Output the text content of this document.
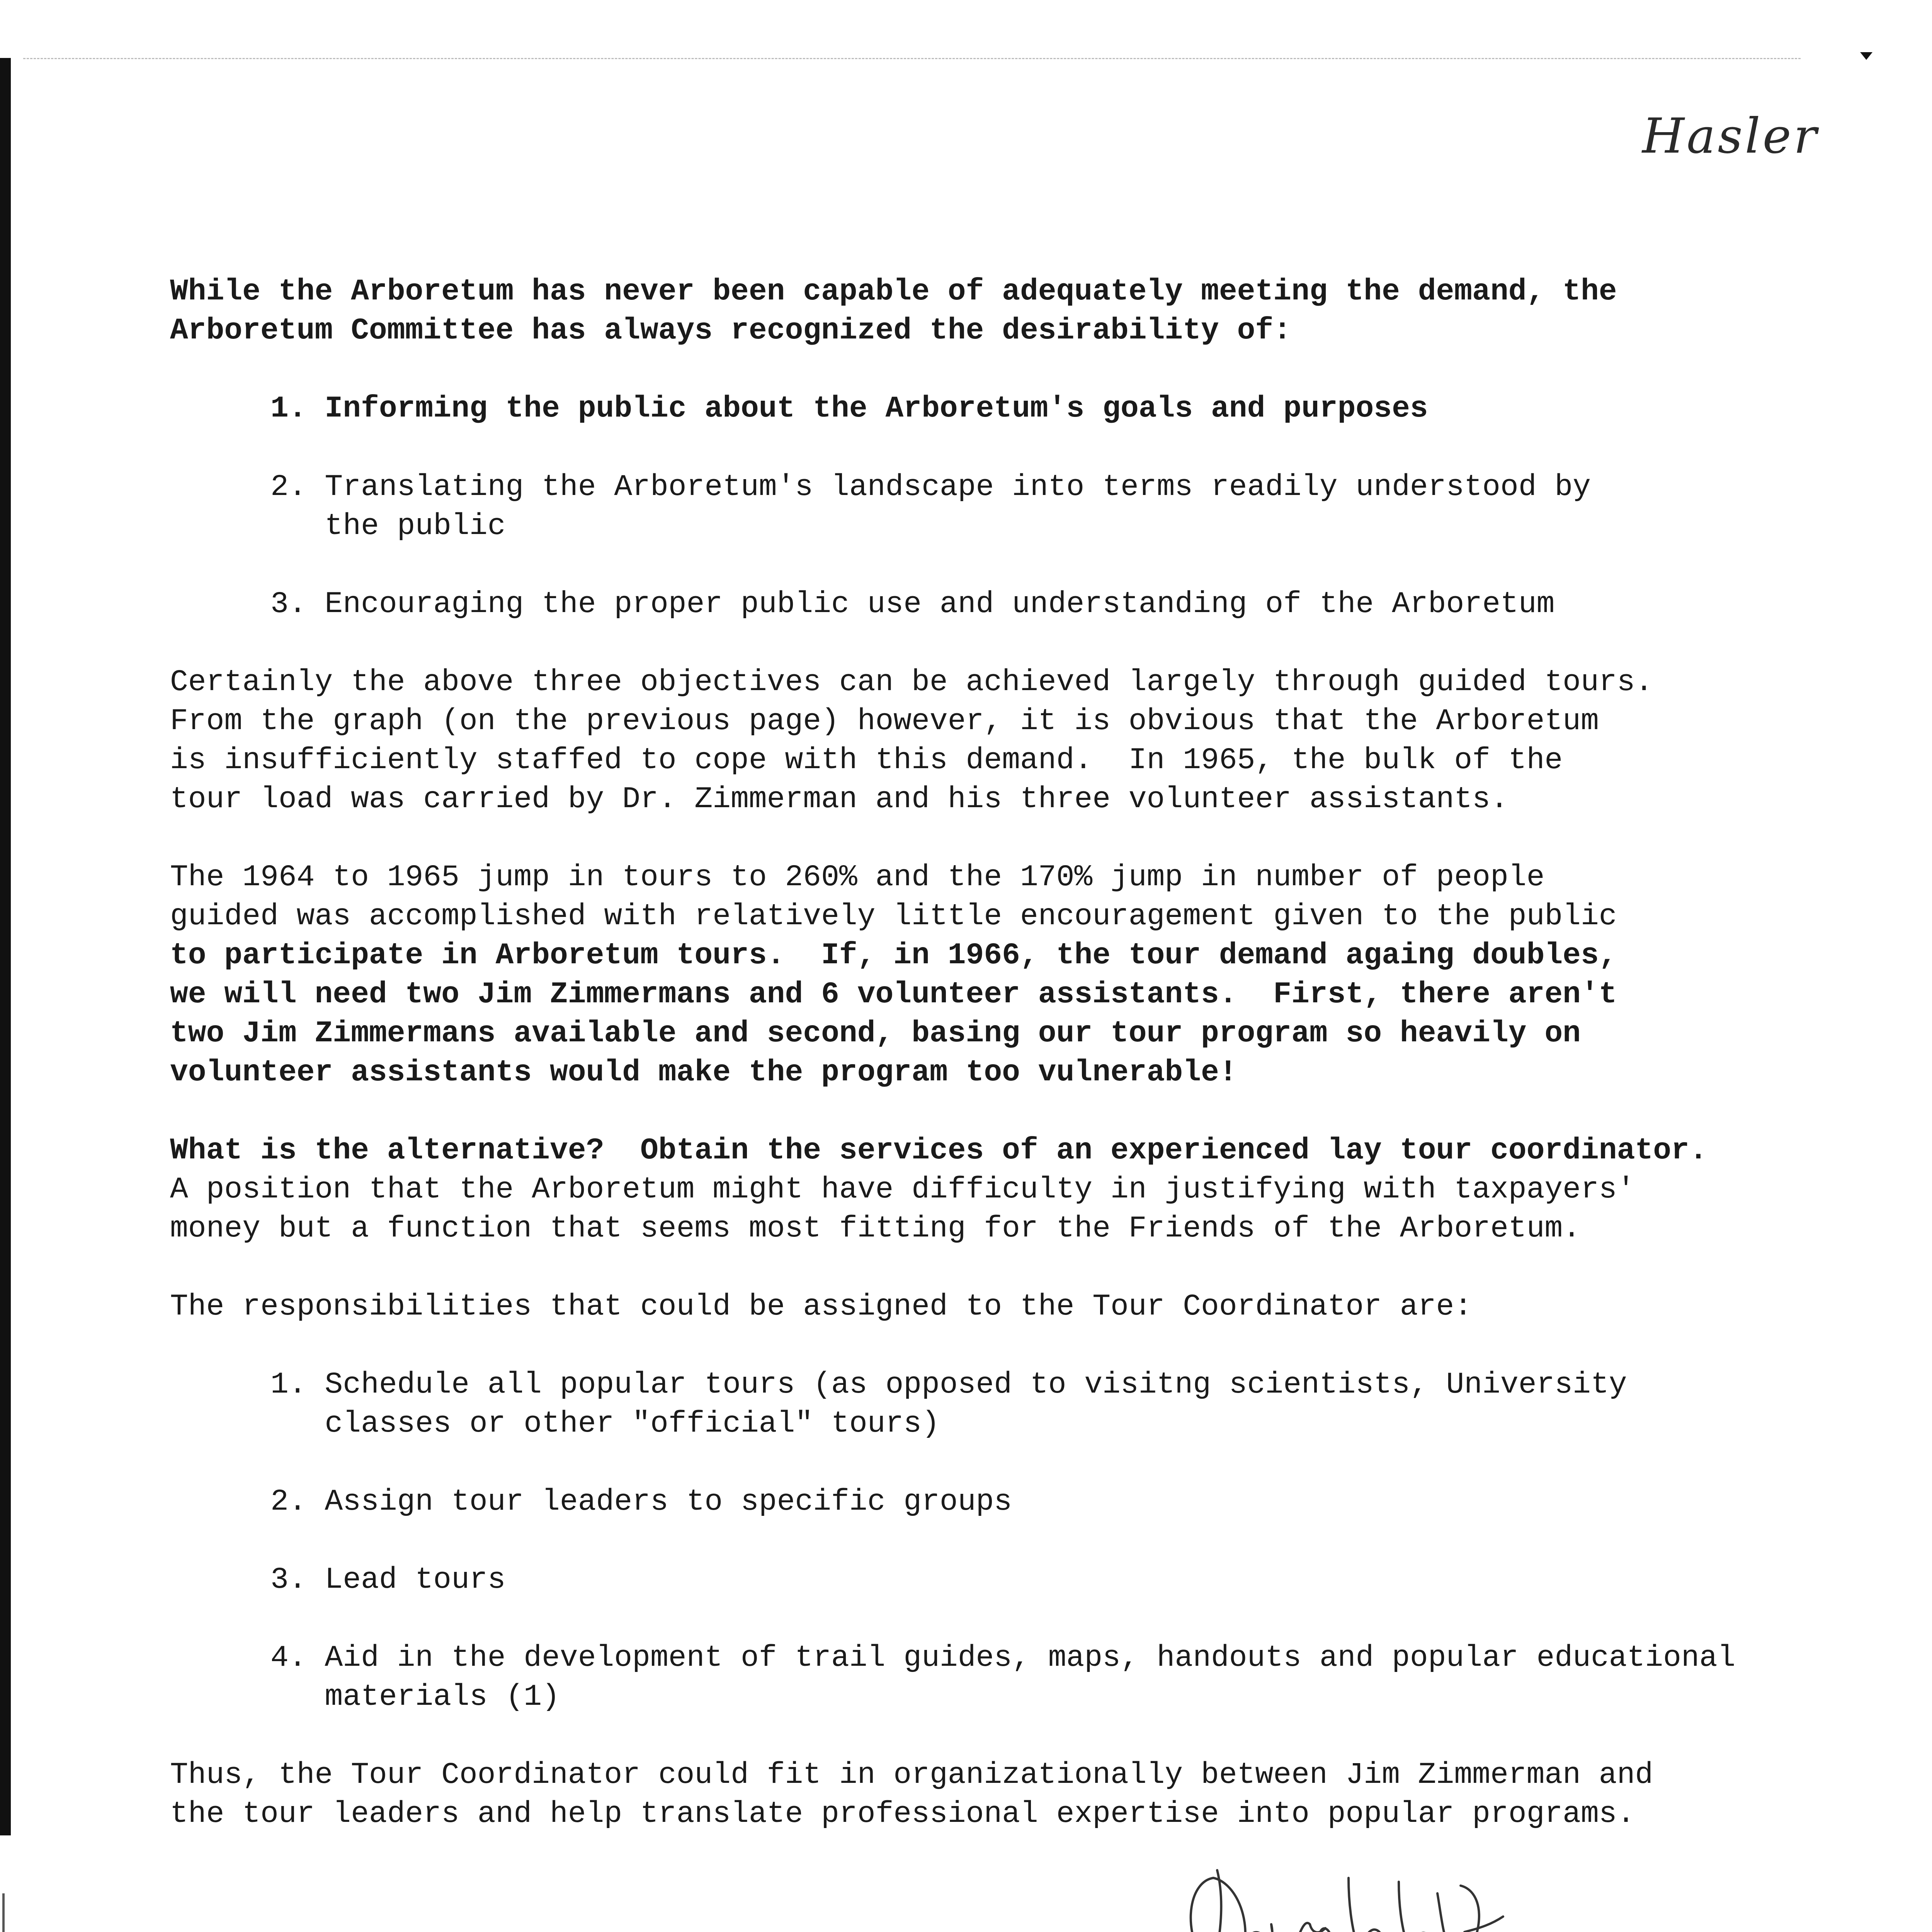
Hasler
While the Arboretum has never been capable of adequately meeting the demand, the
Arboretum Committee has always recognized the desirability of:
1. Informing the public about the Arboretum's goals and purposes
2. Translating the Arboretum's landscape into terms readily understood by
the public
3. Encouraging the proper public use and understanding of the Arboretum
Certainly the above three objectives can be achieved largely through guided tours.
From the graph (on the previous page) however, it is obvious that the Arboretum
is insufficiently staffed to cope with this demand.  In 1965, the bulk of the
tour load was carried by Dr. Zimmerman and his three volunteer assistants.
The 1964 to 1965 jump in tours to 260% and the 170% jump in number of people
guided was accomplished with relatively little encouragement given to the public
to participate in Arboretum tours.  If, in 1966, the tour demand againg doubles,
we will need two Jim Zimmermans and 6 volunteer assistants.  First, there aren't
two Jim Zimmermans available and second, basing our tour program so heavily on
volunteer assistants would make the program too vulnerable!
What is the alternative?  Obtain the services of an experienced lay tour coordinator.
A position that the Arboretum might have difficulty in justifying with taxpayers'
money but a function that seems most fitting for the Friends of the Arboretum.
The responsibilities that could be assigned to the Tour Coordinator are:
1. Schedule all popular tours (as opposed to visitng scientists, University
classes or other "official" tours)
2. Assign tour leaders to specific groups
3. Lead tours
4. Aid in the development of trail guides, maps, handouts and popular educational
materials (1)
Thus, the Tour Coordinator could fit in organizationally between Jim Zimmerman and
the tour leaders and help translate professional expertise into popular programs.
